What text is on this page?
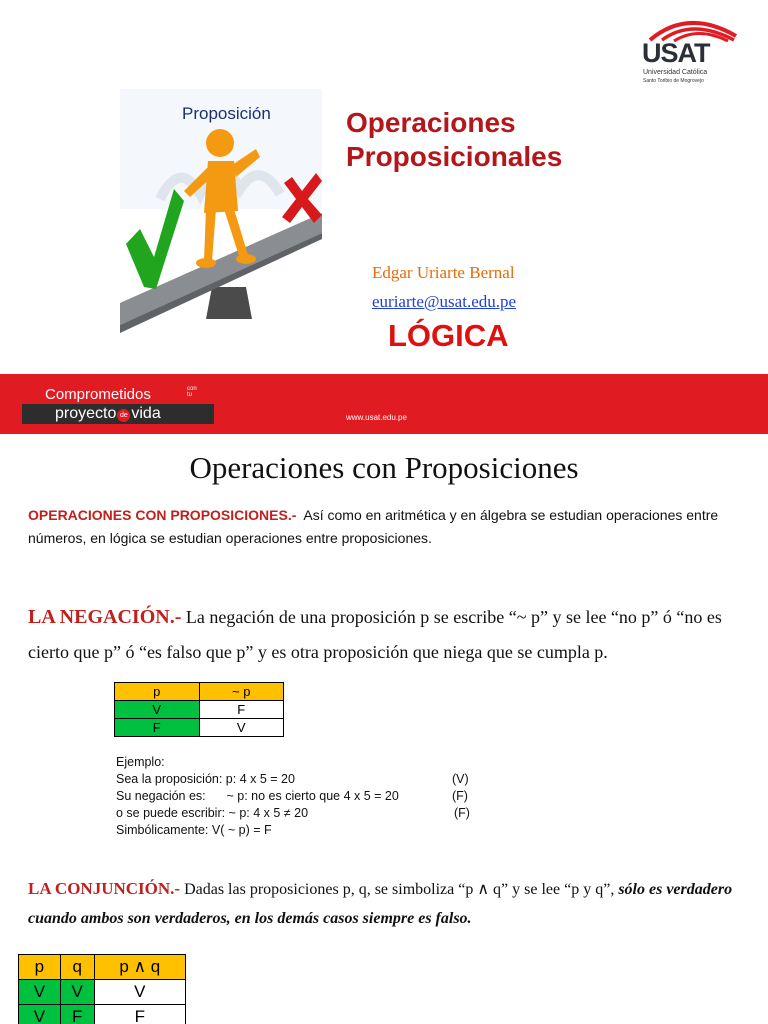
USAT
Universidad Católica
Santo Toribio de Mogrovejo
Proposición	Operaciones
Proposicionales
Edgar Uriarte Bernal
euriarte@usat.edu.pe
LÓGICA
Comprometidos	con
tu
proyecto de vida	www.usat.edu.pe
Operaciones con Proposiciones
OPERACIONES CON PROPOSICIONES.- Así como en aritmética y en álgebra se estudian operaciones entre números, en lógica se estudian operaciones entre proposiciones.
LA NEGACIÓN.- La negación de una proposición p se escribe “~ p” y se lee “no p” ó “no es cierto que p” ó “es falso que p” y es otra proposición que niega que se cumpla p.
p	~ p
V	F
F	V
Ejemplo:
Sea la proposición: p: 4 x 5 = 20	(V)
Su negación es:      ~ p: no es cierto que 4 x 5 = 20	(F)
o se puede escribir: ~ p: 4 x 5 ≠ 20	(F)
Simbólicamente: V( ~ p) = F
LA CONJUNCIÓN.- Dadas las proposiciones p, q, se simboliza “p ∧ q” y se lee “p y q”, sólo es verdadero cuando ambos son verdaderos, en los demás casos siempre es falso.
p	q	p ∧ q
V	V	V
V	F	F
